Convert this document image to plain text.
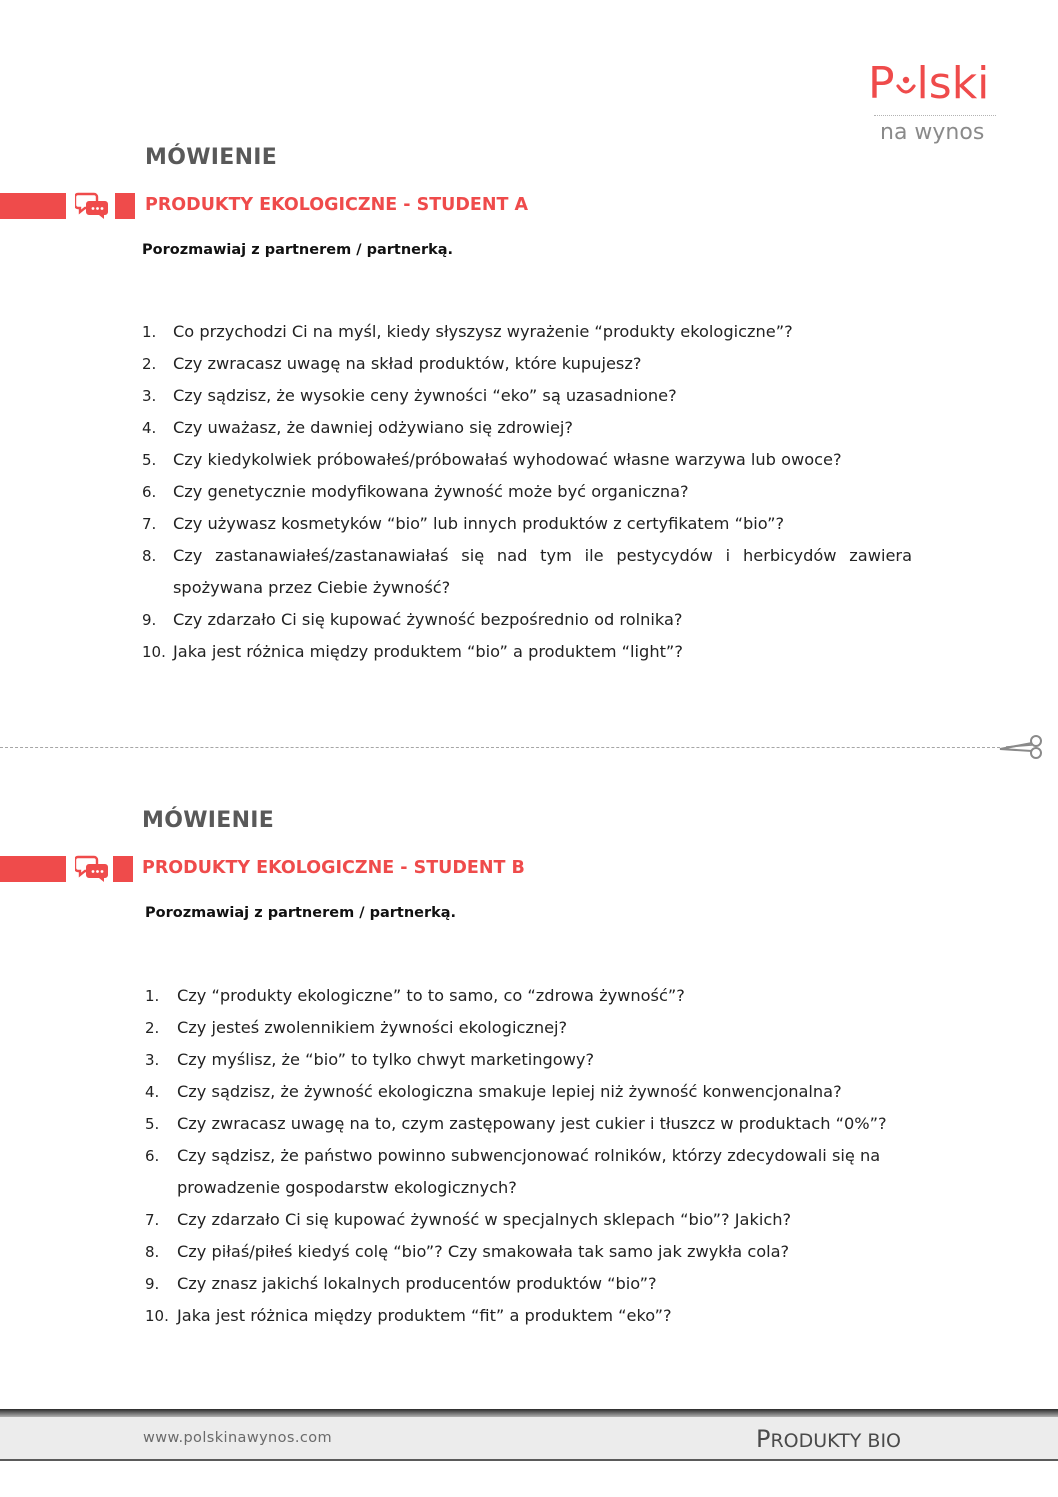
P lski
na wynos
MÓWIENIE
PRODUKTY EKOLOGICZNE - STUDENT A
Porozmawiaj z partnerem / partnerką.
1. Co przychodzi Ci na myśl, kiedy słyszysz wyrażenie “produkty ekologiczne”?
2. Czy zwracasz uwagę na skład produktów, które kupujesz?
3. Czy sądzisz, że wysokie ceny żywności “eko” są uzasadnione?
4. Czy uważasz, że dawniej odżywiano się zdrowiej?
5. Czy kiedykolwiek próbowałeś/próbowałaś wyhodować własne warzywa lub owoce?
6. Czy genetycznie modyfikowana żywność może być organiczna?
7. Czy używasz kosmetyków “bio” lub innych produktów z certyfikatem “bio”?
8. Czy zastanawiałeś/zastanawiałaś się nad tym ile pestycydów i herbicydów zawiera
spożywana przez Ciebie żywność?
9. Czy zdarzało Ci się kupować żywność bezpośrednio od rolnika?
10. Jaka jest różnica między produktem “bio” a produktem “light”?
MÓWIENIE
PRODUKTY EKOLOGICZNE - STUDENT B
Porozmawiaj z partnerem / partnerką.
1. Czy “produkty ekologiczne” to to samo, co “zdrowa żywność”?
2. Czy jesteś zwolennikiem żywności ekologicznej?
3. Czy myślisz, że “bio” to tylko chwyt marketingowy?
4. Czy sądzisz, że żywność ekologiczna smakuje lepiej niż żywność konwencjonalna?
5. Czy zwracasz uwagę na to, czym zastępowany jest cukier i tłuszcz w produktach “0%”?
6. Czy sądzisz, że państwo powinno subwencjonować rolników, którzy zdecydowali się na
prowadzenie gospodarstw ekologicznych?
7. Czy zdarzało Ci się kupować żywność w specjalnych sklepach “bio”? Jakich?
8. Czy piłaś/piłeś kiedyś colę “bio”? Czy smakowała tak samo jak zwykła cola?
9. Czy znasz jakichś lokalnych producentów produktów “bio”?
10. Jaka jest różnica między produktem “fit” a produktem “eko”?
www.polskinawynos.com	PRODUKTY BIO
